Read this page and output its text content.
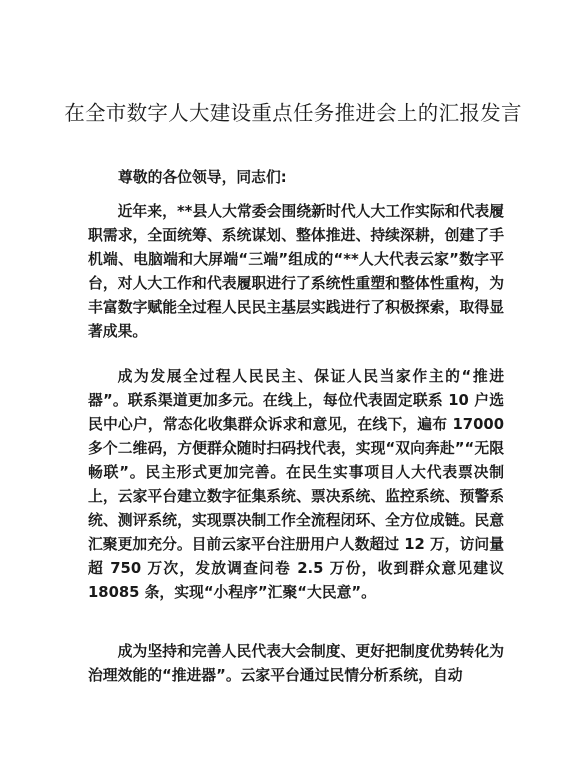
在全市数字人大建设重点任务推进会上的汇报发言

尊敬的各位领导，同志们:

近年来，**县人大常委会围绕新时代人大工作实际和代表履职需求，全面统筹、系统谋划、整体推进、持续深耕，创建了手机端、电脑端和大屏端“三端”组成的“**人大代表云家”数字平台，对人大工作和代表履职进行了系统性重塑和整体性重构，为丰富数字赋能全过程人民民主基层实践进行了积极探索，取得显著成果。

成为发展全过程人民民主、保证人民当家作主的“推进器”。联系渠道更加多元。在线上，每位代表固定联系 10 户选民中心户，常态化收集群众诉求和意见，在线下，遍布 17000 多个二维码，方便群众随时扫码找代表，实现“双向奔赴”“无限畅联”。民主形式更加完善。在民生实事项目人大代表票决制上，云家平台建立数字征集系统、票决系统、监控系统、预警系统、测评系统，实现票决制工作全流程闭环、全方位成链。民意汇聚更加充分。目前云家平台注册用户人数超过 12 万，访问量超 750 万次，发放调查问卷 2.5 万份，收到群众意见建议 18085 条，实现“小程序”汇聚“大民意”。

成为坚持和完善人民代表大会制度、更好把制度优势转化为治理效能的“推进器”。云家平台通过民情分析系统，自动
